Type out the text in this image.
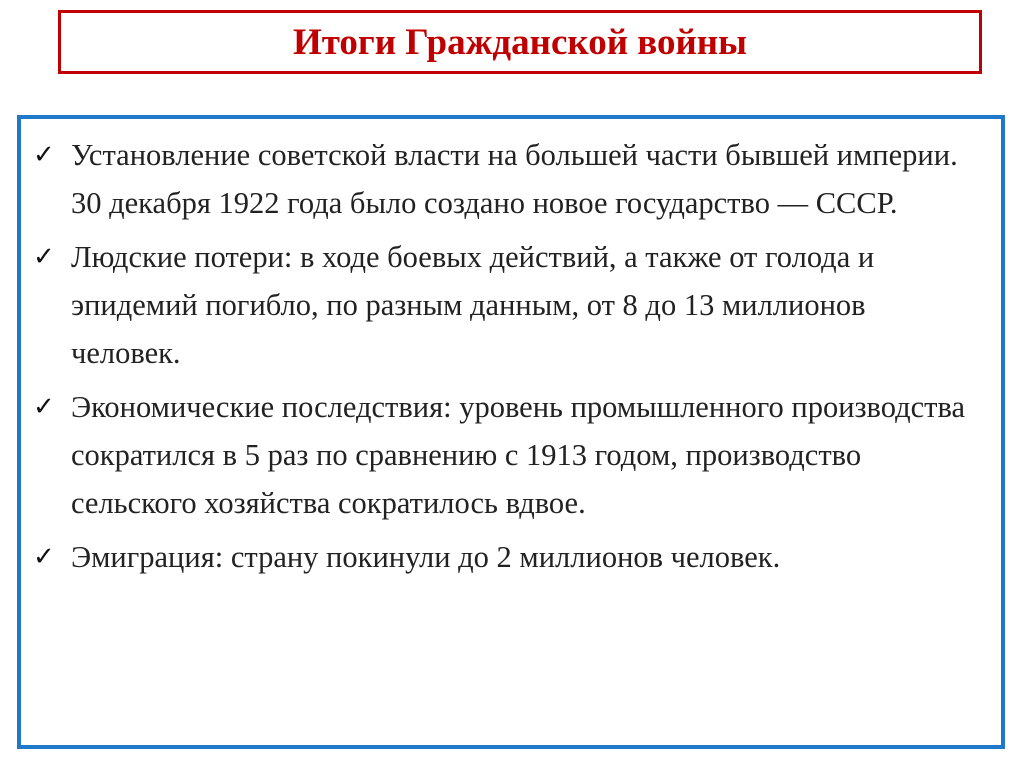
Итоги Гражданской войны
✓ Установление советской власти на большей части бывшей империи. 30 декабря 1922 года было создано новое государство — СССР.
✓ Людские потери: в ходе боевых действий, а также от голода и эпидемий погибло, по разным данным, от 8 до 13 миллионов человек.
✓ Экономические последствия: уровень промышленного производства сократился в 5 раз по сравнению с 1913 годом, производство сельского хозяйства сократилось вдвое.
✓ Эмиграция: страну покинули до 2 миллионов человек.
